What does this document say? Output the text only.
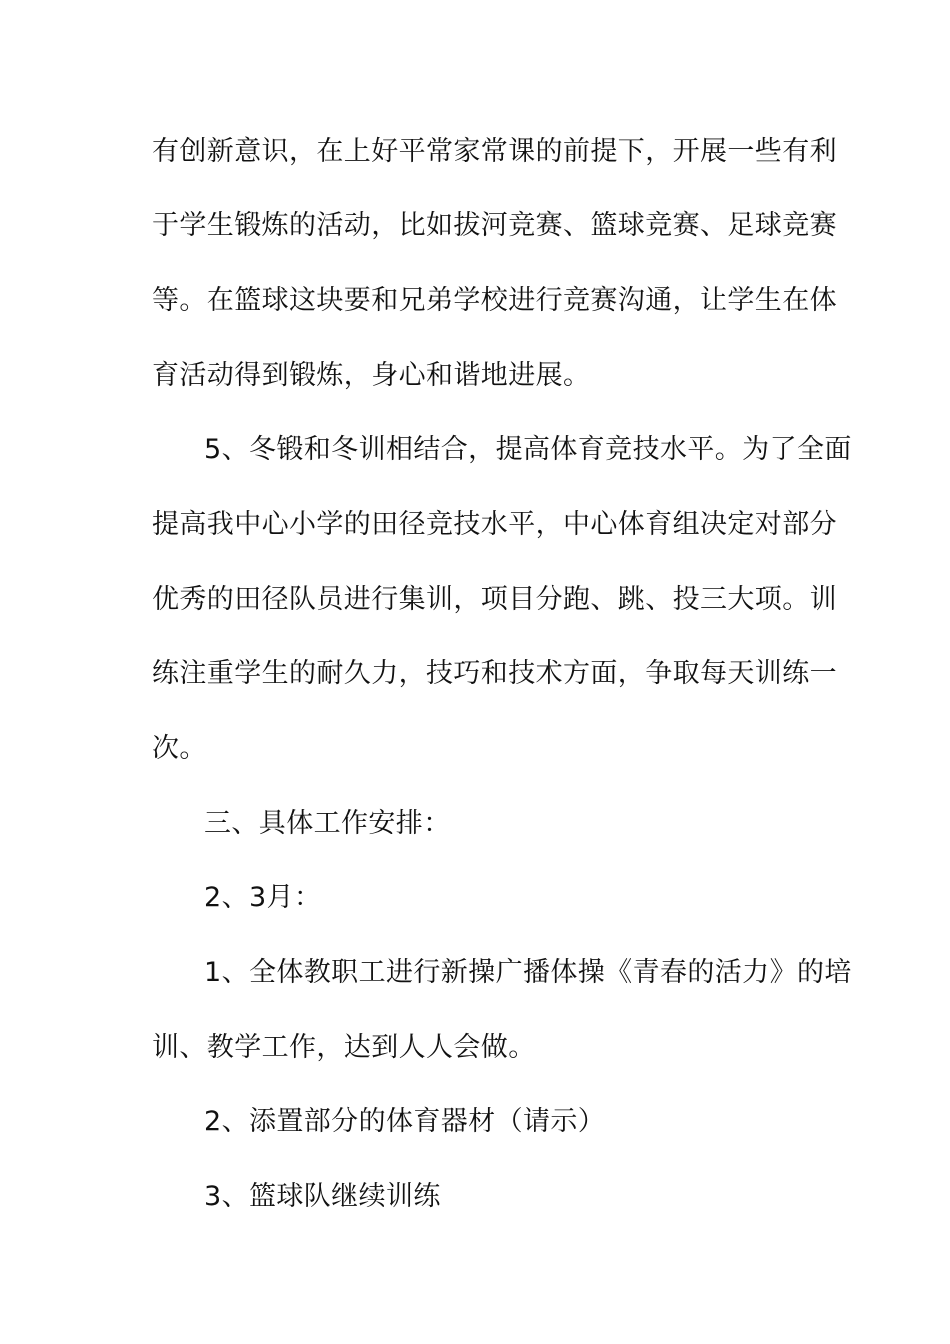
有创新意识，在上好平常家常课的前提下，开展一些有利
于学生锻炼的活动，比如拔河竞赛、篮球竞赛、足球竞赛
等。在篮球这块要和兄弟学校进行竞赛沟通，让学生在体
育活动得到锻炼，身心和谐地进展。
5、冬锻和冬训相结合，提高体育竞技水平。为了全面
提高我中心小学的田径竞技水平，中心体育组决定对部分
优秀的田径队员进行集训，项目分跑、跳、投三大项。训
练注重学生的耐久力，技巧和技术方面，争取每天训练一
次。
三、具体工作安排：
2、3月：
1、全体教职工进行新操广播体操《青春的活力》的培
训、教学工作，达到人人会做。
2、添置部分的体育器材（请示）
3、篮球队继续训练
